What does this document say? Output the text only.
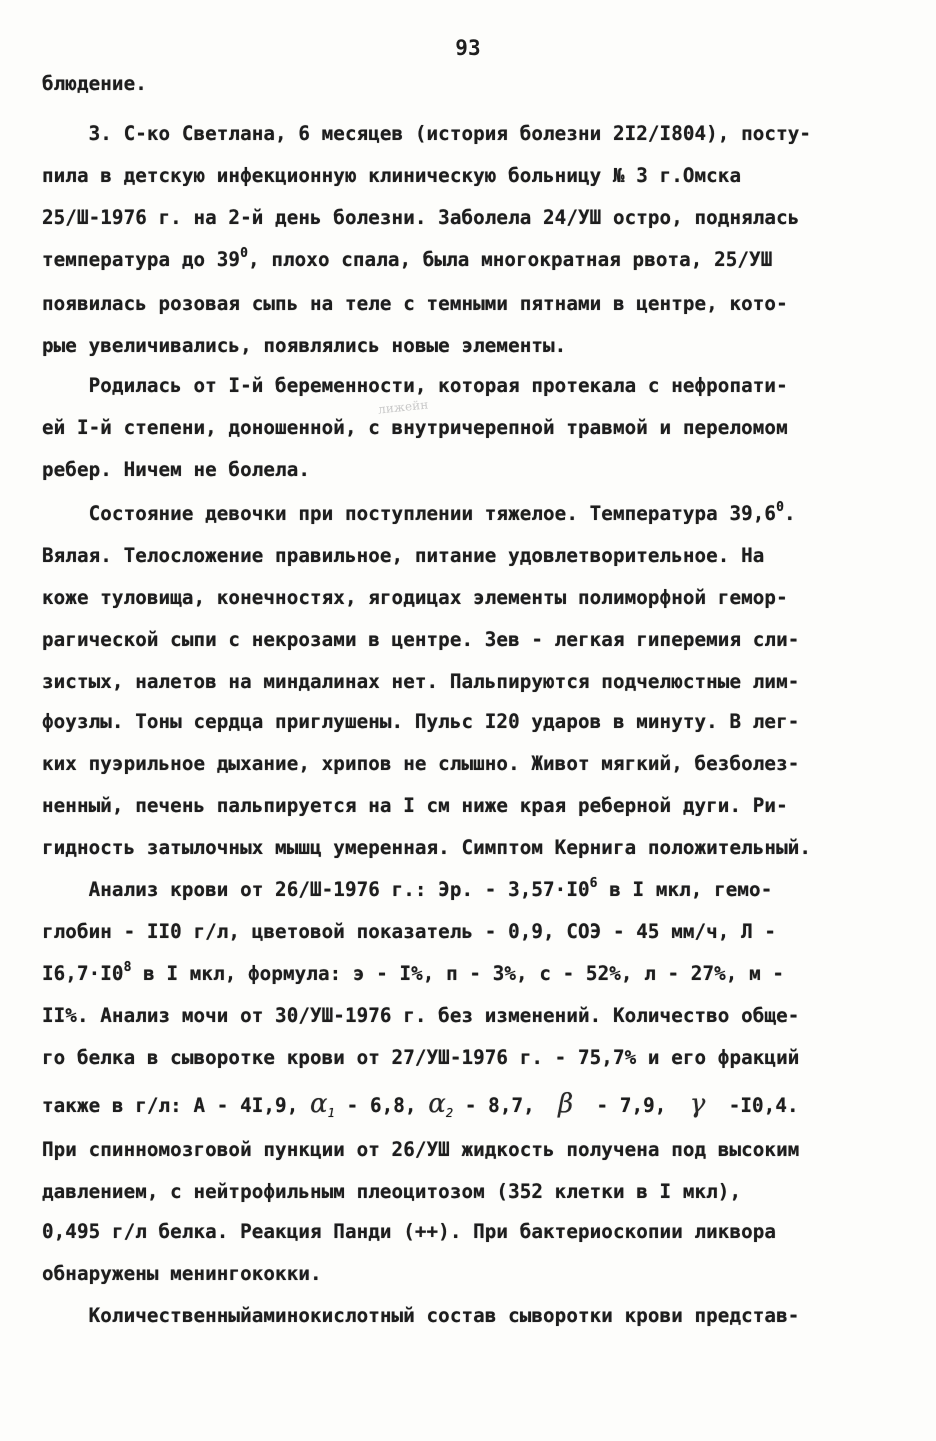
93
лижейн
блюдение.
3. С-ко Светлана, 6 месяцев (история болезни 2I2/I804), посту-
пила в детскую инфекционную клиническую больницу № 3 г.Омска
25/Ш-1976 г. на 2-й день болезни. Заболела 24/УШ остро, поднялась
температура до $39^0$, плохо спала, была многократная рвота, 25/УШ
появилась розовая сыпь на теле с темными пятнами в центре, кото-
рые увеличивались, появлялись новые элементы.
Родилась от I-й беременности, которая протекала с нефропати-
ей I-й степени, доношенной, с внутричерепной травмой и переломом
ребер. Ничем не болела.
Состояние девочки при поступлении тяжелое. Температура 39,6$^0$.
Вялая. Телосложение правильное, питание удовлетворительное. На
коже туловища, конечностях, ягодицах элементы полиморфной гемор-
рагической сыпи с некрозами в центре. Зев - легкая гиперемия сли-
зистых, налетов на миндалинах нет. Пальпируются подчелюстные лим-
фоузлы. Тоны сердца приглушены. Пульс I20 ударов в минуту. В лег-
ких пуэрильное дыхание, хрипов не слышно. Живот мягкий, безболез-
ненный, печень пальпируется на I см ниже края реберной дуги. Ри-
гидность затылочных мышц умеренная. Симптом Кернига положительный.
Анализ крови от 26/Ш-1976 г.: Эр. - $3,57\cdot I0^6$ в I мкл, гемо-
глобин - II0 г/л, цветовой показатель - 0,9, СОЭ - 45 мм/ч, Л -
$I6,7\cdot I0^8$ в I мкл, формула: э - I%, п - 3%, с - 52%, л - 27%, м -
II%. Анализ мочи от 30/УШ-1976 г. без изменений. Количество обще-
го белка в сыворотке крови от 27/УШ-1976 г. - 75,7% и его фракций
также в г/л: А - 4I,9, $\alpha_1 - 6,8$, $\alpha_2 - 8,7$,  β  - 7,9,  γ  -I0,4.
При спинномозговой пункции от 26/УШ жидкость получена под высоким
давлением, с нейтрофильным плеоцитозом (352 клетки в I мкл),
0,495 г/л белка. Реакция Панди (++). При бактериоскопии ликвора
обнаружены менингококки.
Количественныйаминокислотный состав сыворотки крови представ-
